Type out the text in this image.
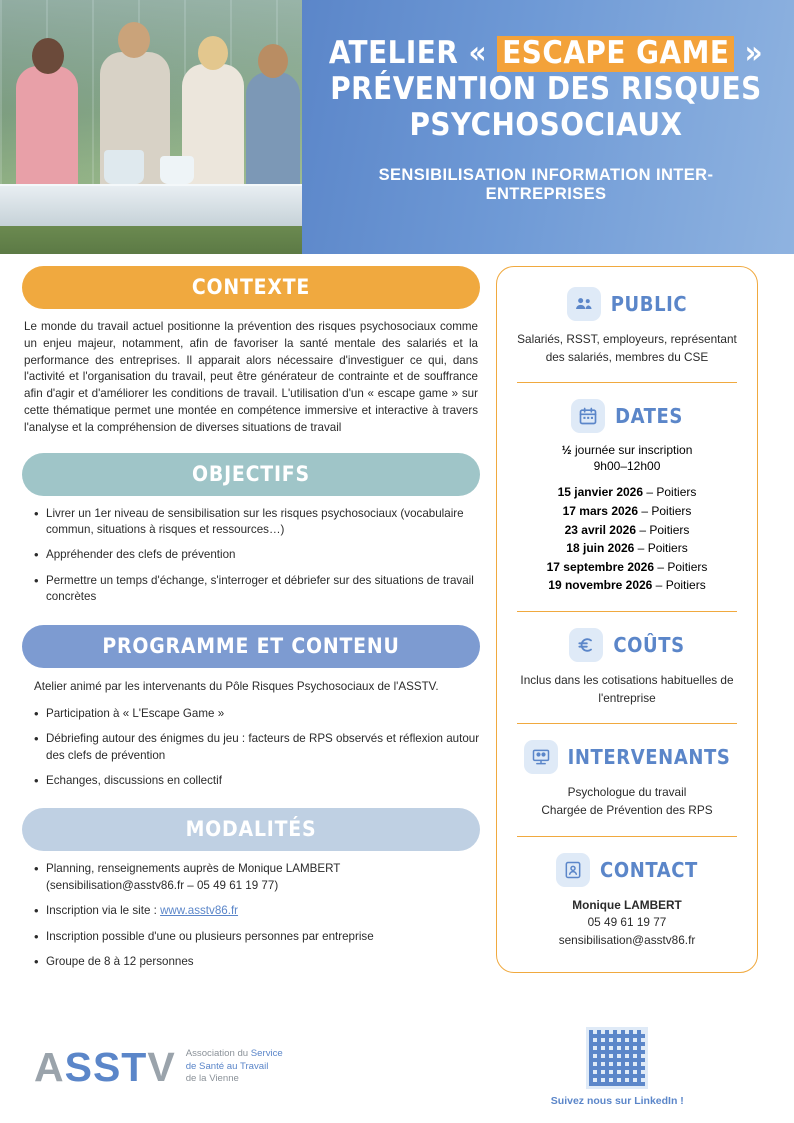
ATELIER « ESCAPE GAME »
PRÉVENTION DES RISQUES
PSYCHOSOCIAUX
SENSIBILISATION INFORMATION INTER-ENTREPRISES
CONTEXTE
Le monde du travail actuel positionne la prévention des risques psychosociaux comme un enjeu majeur, notamment, afin de favoriser la santé mentale des salariés et la performance des entreprises. Il apparait alors nécessaire d'investiguer ce qui, dans l'activité et l'organisation du travail, peut être générateur de contrainte et de souffrance afin d'agir et d'améliorer les conditions de travail. L'utilisation d'un « escape game » sur cette thématique permet une montée en compétence immersive et interactive à travers l'analyse et la compréhension de diverses situations de travail
OBJECTIFS
• Livrer un 1er niveau de sensibilisation sur les risques psychosociaux (vocabulaire commun, situations à risques et ressources…)
• Appréhender des clefs de prévention
• Permettre un temps d'échange, s'interroger et débriefer sur des situations de travail concrètes
PROGRAMME ET CONTENU
Atelier animé par les intervenants du Pôle Risques Psychosociaux de l'ASSTV.
• Participation à « L'Escape Game »
• Débriefing autour des énigmes du jeu : facteurs de RPS observés et réflexion autour des clefs de prévention
• Echanges, discussions en collectif
MODALITÉS
• Planning, renseignements auprès de Monique LAMBERT (sensibilisation@asstv86.fr – 05 49 61 19 77)
• Inscription via le site : www.asstv86.fr
• Inscription possible d'une ou plusieurs personnes par entreprise
• Groupe de 8 à 12 personnes
PUBLIC
Salariés, RSST, employeurs, représentant des salariés, membres du CSE
DATES
½ journée sur inscription
9h00–12h00
15 janvier 2026 – Poitiers
17 mars 2026 – Poitiers
23 avril 2026 – Poitiers
18 juin 2026 – Poitiers
17 septembre 2026 – Poitiers
19 novembre 2026 – Poitiers
COÛTS
Inclus dans les cotisations habituelles de l'entreprise
INTERVENANTS
Psychologue du travail
Chargée de Prévention des RPS
CONTACT
Monique LAMBERT
05 49 61 19 77
sensibilisation@asstv86.fr
ASSTV Association du Service
de Santé au Travail
de la Vienne
Suivez nous sur LinkedIn !
